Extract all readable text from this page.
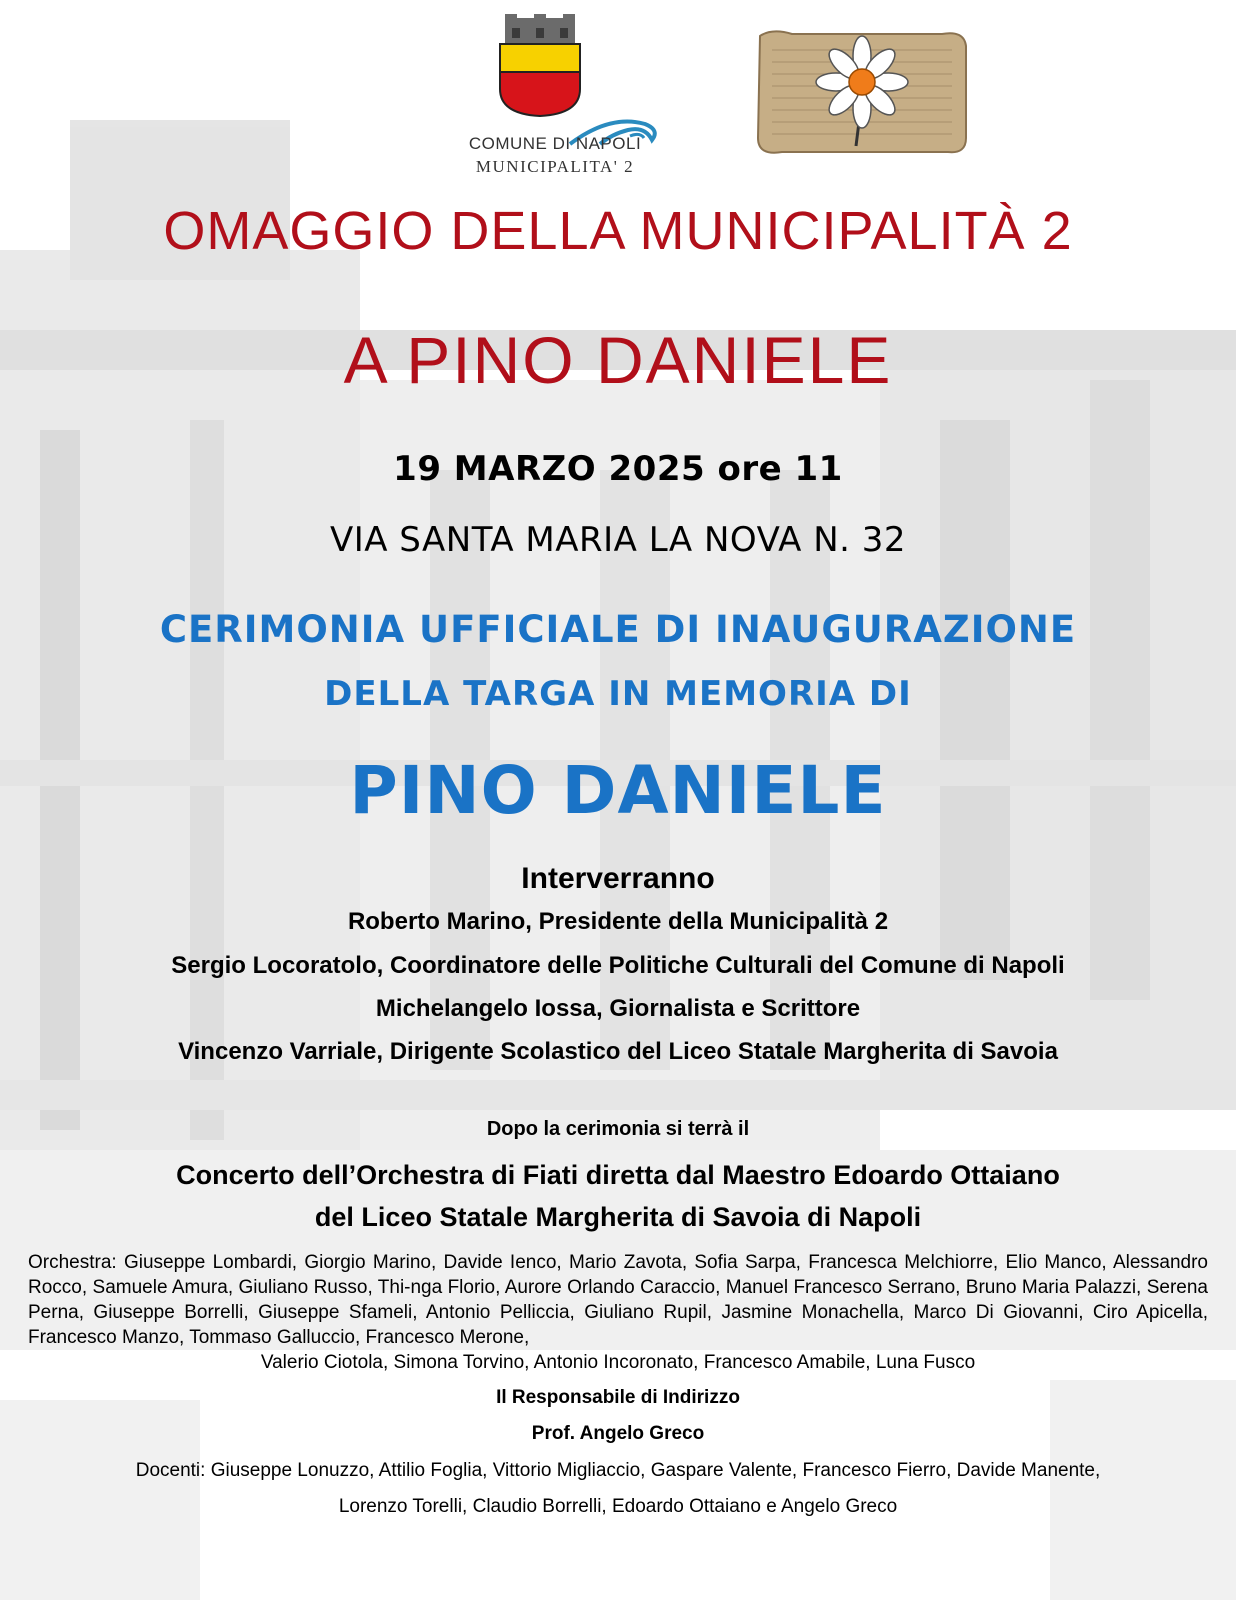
COMUNE DI NAPOLI
MUNICIPALITA' 2
OMAGGIO DELLA MUNICIPALITÀ 2
A PINO DANIELE
19 MARZO 2025 ore 11
VIA SANTA MARIA LA NOVA N. 32
CERIMONIA UFFICIALE DI INAUGURAZIONE
DELLA TARGA IN MEMORIA DI
PINO DANIELE
Interverranno
Roberto Marino, Presidente della Municipalità 2
Sergio Locoratolo, Coordinatore delle Politiche Culturali del Comune di Napoli
Michelangelo Iossa, Giornalista e Scrittore
Vincenzo Varriale, Dirigente Scolastico del Liceo Statale Margherita di Savoia
Dopo la cerimonia si terrà il
Concerto dell’Orchestra di Fiati diretta dal Maestro Edoardo Ottaiano
del Liceo Statale Margherita di Savoia di Napoli
Orchestra: Giuseppe Lombardi, Giorgio Marino, Davide Ienco, Mario Zavota, Sofia Sarpa, Francesca Melchiorre, Elio Manco, Alessandro Rocco, Samuele Amura, Giuliano Russo, Thi-nga Florio, Aurore Orlando Caraccio, Manuel Francesco Serrano, Bruno Maria Palazzi, Serena Perna, Giuseppe Borrelli, Giuseppe Sfameli, Antonio Pelliccia, Giuliano Rupil, Jasmine Monachella, Marco Di Giovanni, Ciro Apicella, Francesco Manzo, Tommaso Galluccio, Francesco Merone,
Valerio Ciotola, Simona Torvino, Antonio Incoronato, Francesco Amabile, Luna Fusco
Il Responsabile di Indirizzo
Prof. Angelo Greco
Docenti: Giuseppe Lonuzzo, Attilio Foglia, Vittorio Migliaccio, Gaspare Valente, Francesco Fierro, Davide Manente,
Lorenzo Torelli, Claudio Borrelli, Edoardo Ottaiano e Angelo Greco
